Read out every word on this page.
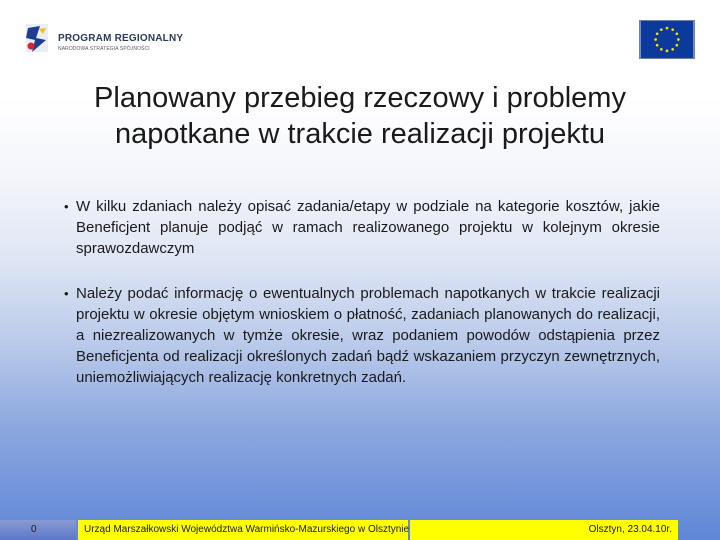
PROGRAM REGIONALNY
NARODOWA STRATEGIA SPÓJNOŚCI
Planowany przebieg rzeczowy i problemy napotkane w trakcie realizacji projektu
• W kilku zdaniach należy opisać zadania/etapy w podziale na kategorie kosztów, jakie Beneficjent planuje podjąć w ramach realizowanego projektu w kolejnym okresie sprawozdawczym
• Należy podać informację o ewentualnych problemach napotkanych w trakcie realizacji projektu w okresie objętym wnioskiem o płatność, zadaniach planowanych do realizacji, a niezrealizowanych w tymże okresie, wraz podaniem powodów odstąpienia przez Beneficjenta od realizacji określonych zadań bądź wskazaniem przyczyn zewnętrznych, uniemożliwiających realizację konkretnych zadań.
0	Urząd Marszałkowski Województwa Warmińsko-Mazurskiego w Olsztynie	Olsztyn, 23.04.10r.
